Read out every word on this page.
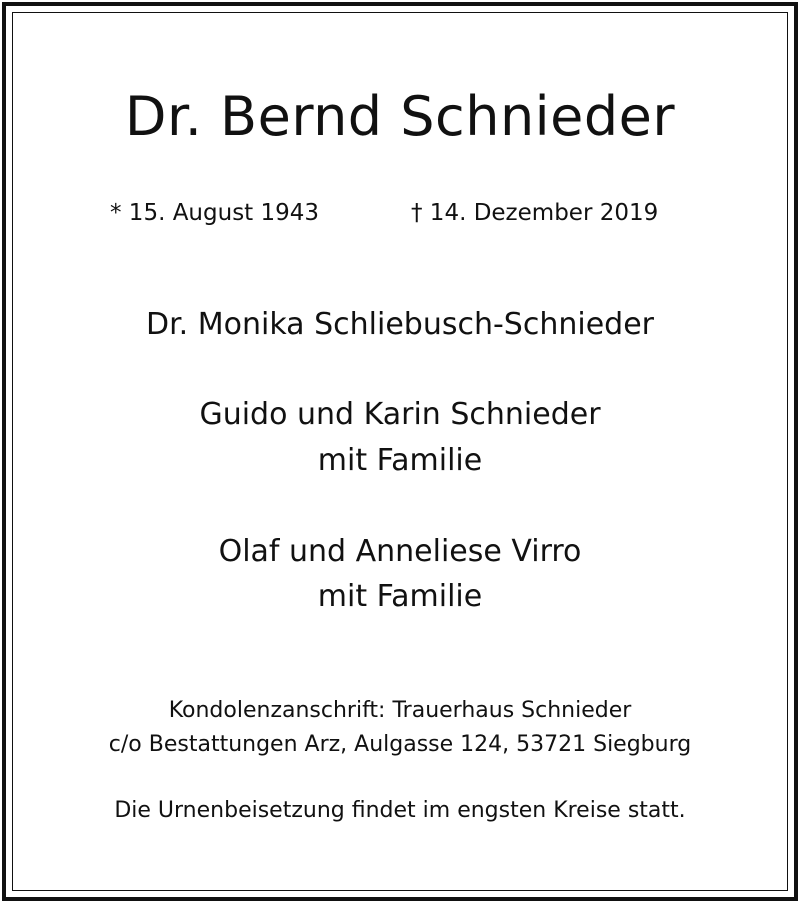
Dr. Bernd Schnieder
* 15. August 1943	† 14. Dezember 2019
Dr. Monika Schliebusch-Schnieder
Guido und Karin Schnieder
mit Familie
Olaf und Anneliese Virro
mit Familie
Kondolenzanschrift: Trauerhaus Schnieder
c/o Bestattungen Arz, Aulgasse 124, 53721 Siegburg
Die Urnenbeisetzung findet im engsten Kreise statt.
